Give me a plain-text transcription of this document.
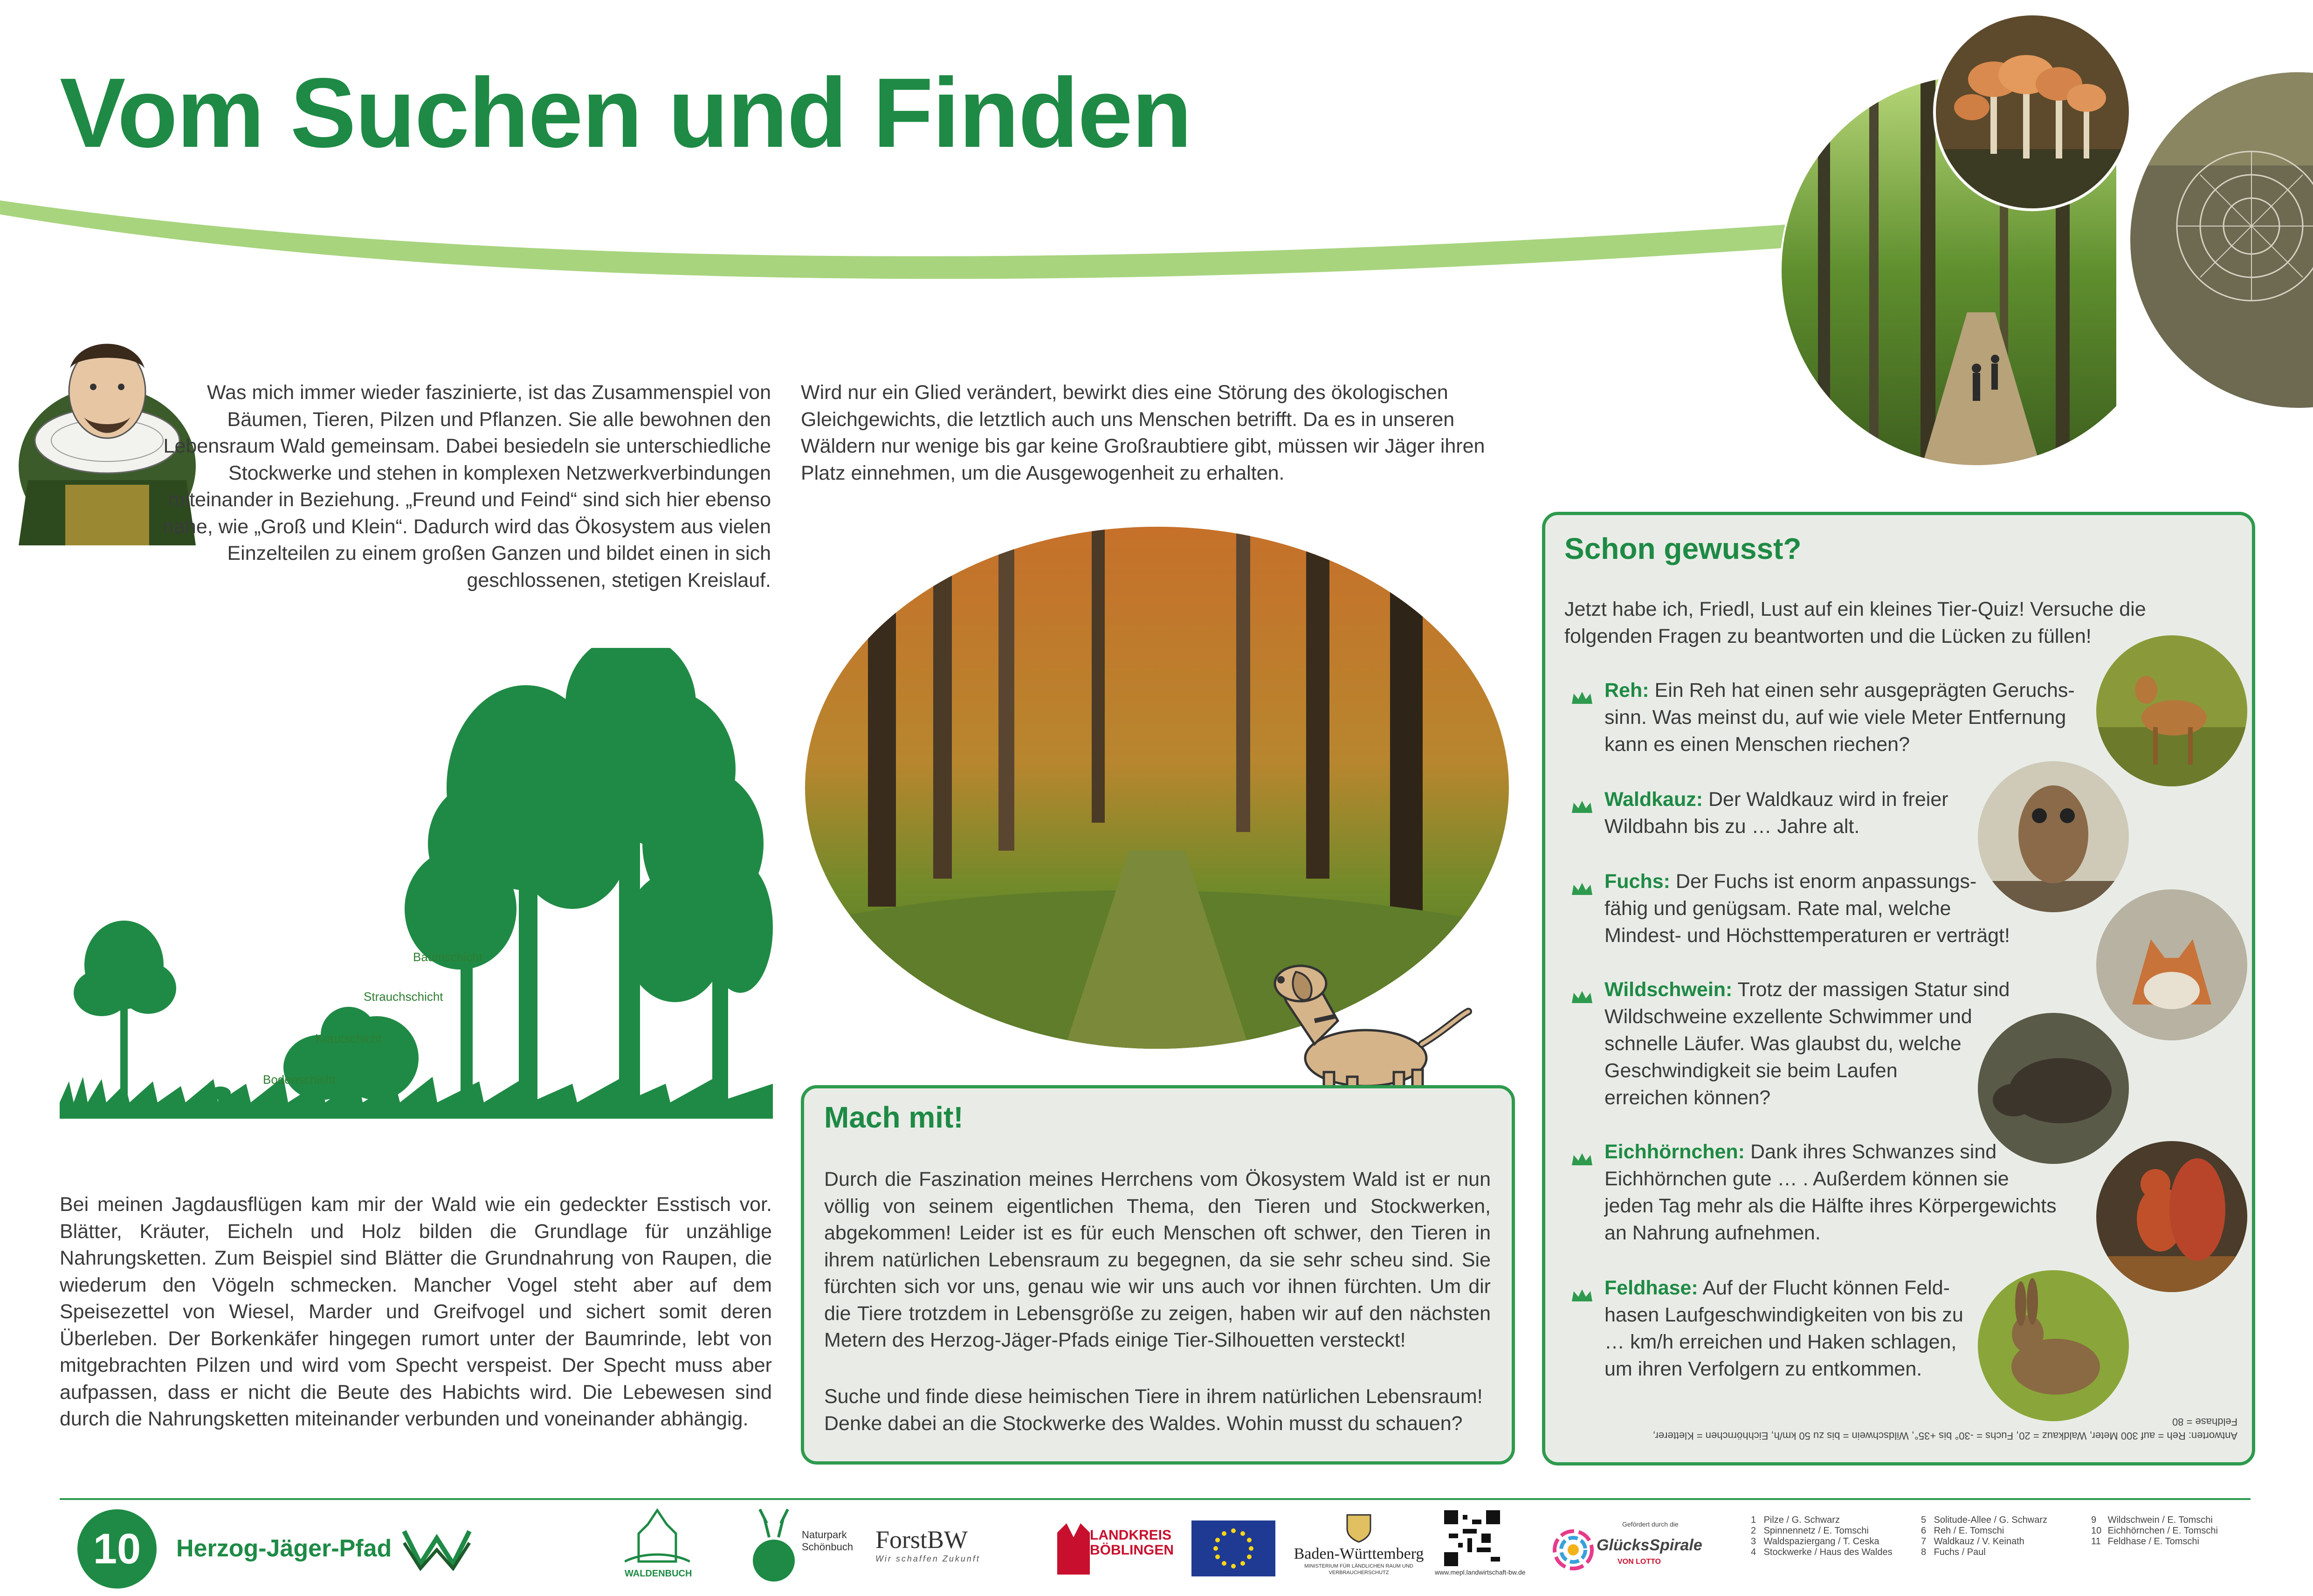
Vom Suchen und Finden
Was mich immer wieder faszinierte, ist das Zusammenspiel von Bäumen, Tieren, Pilzen und Pflanzen. Sie alle bewohnen den Lebensraum Wald gemeinsam. Dabei besiedeln sie unterschiedliche Stockwerke und stehen in komplexen Netzwerkverbindungen miteinander in Beziehung. „Freund und Feind“ sind sich hier ebenso nahe, wie „Groß und Klein“. Dadurch wird das Ökosystem aus vielen Einzelteilen zu einem großen Ganzen und bildet einen in sich geschlossenen, stetigen Kreislauf.
Wird nur ein Glied verändert, bewirkt dies eine Störung des ökologischen Gleichgewichts, die letztlich auch uns Menschen betrifft. Da es in unseren Wäldern nur wenige bis gar keine Großraubtiere gibt, müssen wir Jäger ihren Platz einnehmen, um die Ausgewogenheit zu erhalten.
Baumschicht
Strauchschicht
Krautschicht
Bodenschicht
Bei meinen Jagdausflügen kam mir der Wald wie ein gedeckter Esstisch vor. Blätter, Kräuter, Eicheln und Holz bilden die Grundlage für unzählige Nahrungsketten. Zum Beispiel sind Blätter die Grundnahrung von Raupen, die wiederum den Vögeln schmecken. Mancher Vogel steht aber auf dem Speisezettel von Wiesel, Marder und Greifvogel und sichert somit deren Überleben. Der Borkenkäfer hingegen rumort unter der Baumrinde, lebt von mitgebrachten Pilzen und wird vom Specht verspeist. Der Specht muss aber aufpassen, dass er nicht die Beute des Habichts wird. Die Lebewesen sind durch die Nahrungsketten miteinander verbunden und voneinander abhängig.
Mach mit!
Durch die Faszination meines Herrchens vom Ökosystem Wald ist er nun völlig von seinem eigentlichen Thema, den Tieren und Stockwerken, abgekommen! Leider ist es für euch Menschen oft schwer, den Tieren in ihrem natürlichen Lebensraum zu begegnen, da sie sehr scheu sind. Sie fürchten sich vor uns, genau wie wir uns auch vor ihnen fürchten. Um dir die Tiere trotzdem in Lebensgröße zu zeigen, haben wir auf den nächsten Metern des Herzog-Jäger-Pfads einige Tier-Silhouetten versteckt!
Suche und finde diese heimischen Tiere in ihrem natürlichen Lebensraum! Denke dabei an die Stockwerke des Waldes. Wohin musst du schauen?
Schon gewusst?
Jetzt habe ich, Friedl, Lust auf ein kleines Tier-Quiz! Versuche die folgenden Fragen zu beantworten und die Lücken zu füllen!
Reh: Ein Reh hat einen sehr ausgeprägten Geruchs-
sinn. Was meinst du, auf wie viele Meter Entfernung
kann es einen Menschen riechen?
Waldkauz: Der Waldkauz wird in freier
Wildbahn bis zu … Jahre alt.
Fuchs: Der Fuchs ist enorm anpassungs-
fähig und genügsam. Rate mal, welche
Mindest- und Höchsttemperaturen er verträgt!
Wildschwein: Trotz der massigen Statur sind
Wildschweine exzellente Schwimmer und
schnelle Läufer. Was glaubst du, welche
Geschwindigkeit sie beim Laufen
erreichen können?
Eichhörnchen: Dank ihres Schwanzes sind
Eichhörnchen gute … . Außerdem können sie
jeden Tag mehr als die Hälfte ihres Körpergewichts
an Nahrung aufnehmen.
Feldhase: Auf der Flucht können Feld-
hasen Laufgeschwindigkeiten von bis zu
… km/h erreichen und Haken schlagen,
um ihren Verfolgern zu entkommen.
Antworten: Reh = auf 300 Meter, Waldkauz = 20, Fuchs = -30° bis +35°, Wildschwein = bis zu 50 km/h, Eichhörnchen = Kletterer,
Feldhase = 80
10	Herzog-Jäger-Pfad
WALDENBUCH
Naturpark Schönbuch ForstBW
Wir schaffen Zukunft
LANDKREIS BÖBLINGEN	Baden-Württemberg
MINISTERIUM FÜR LÄNDLICHEN RAUM UND VERBRAUCHERSCHUTZ	www.mepl.landwirtschaft-bw.de
Gefördert durch die
GlücksSpirale
VON LOTTO
1 Pilze / G. Schwarz
2 Spinnennetz / E. Tomschi
3 Waldspaziergang / T. Ceska
4 Stockwerke / Haus des Waldes
5 Solitude-Allee / G. Schwarz
6 Reh / E. Tomschi
7 Waldkauz / V. Keinath
8 Fuchs / Paul
9 Wildschwein / E. Tomschi
10 Eichhörnchen / E. Tomschi
11 Feldhase / E. Tomschi
